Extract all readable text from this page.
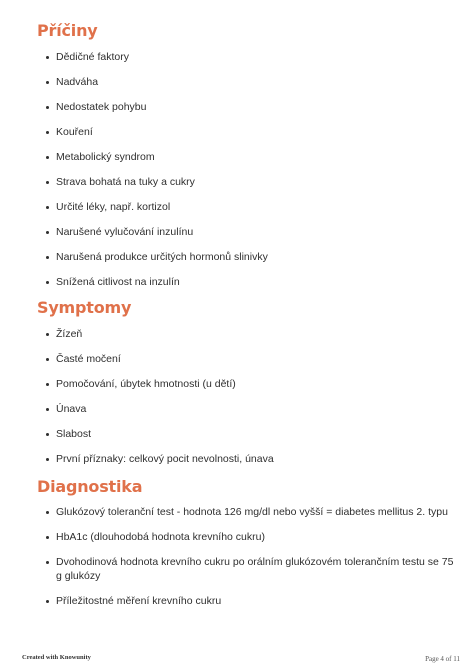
Příčiny
Dědičné faktory
Nadváha
Nedostatek pohybu
Kouření
Metabolický syndrom
Strava bohatá na tuky a cukry
Určité léky, např. kortizol
Narušené vylučování inzulínu
Narušená produkce určitých hormonů slinivky
Snížená citlivost na inzulín
Symptomy
Žízeň
Časté močení
Pomočování, úbytek hmotnosti (u dětí)
Únava
Slabost
První příznaky: celkový pocit nevolnosti, únava
Diagnostika
Glukózový toleranční test - hodnota 126 mg/dl nebo vyšší = diabetes mellitus 2. typu
HbA1c (dlouhodobá hodnota krevního cukru)
Dvohodinová hodnota krevního cukru po orálním glukózovém tolerančním testu se 75 g glukózy
Příležitostné měření krevního cukru
Created with Knowunity	Page 4 of 11
